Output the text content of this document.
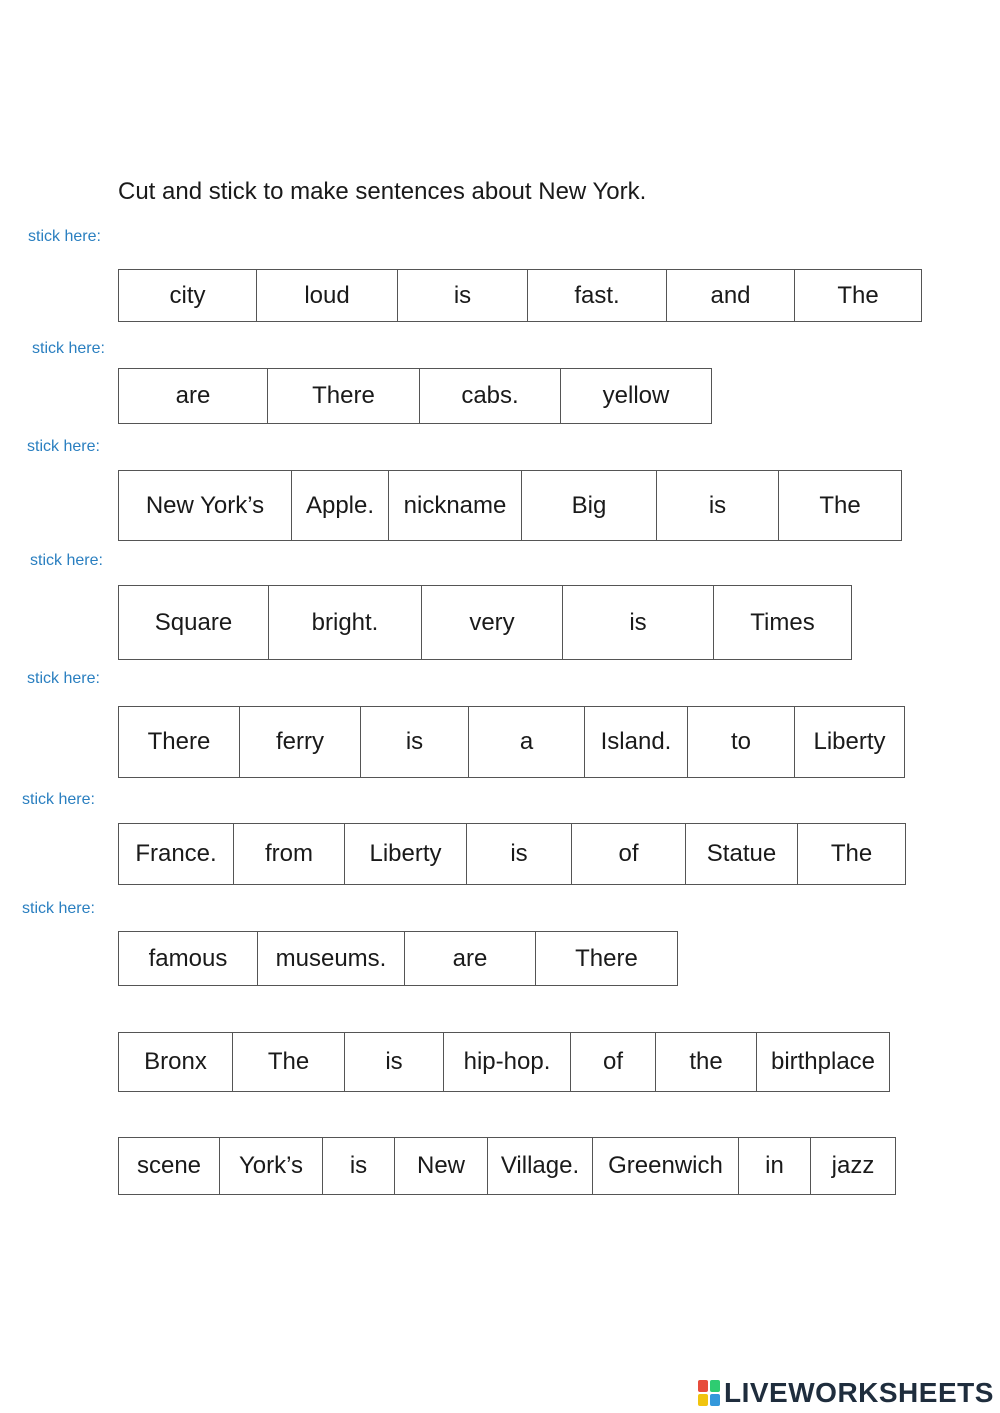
Cut and stick to make sentences about New York.
stick here:
stick here:
stick here:
stick here:
stick here:
stick here:
stick here:
city	loud	is	fast.	and	The
are	There	cabs.	yellow
New York’s	Apple.	nickname	Big	is	The
Square	bright.	very	is	Times
There	ferry	is	a	Island.	to	Liberty
France.	from	Liberty	is	of	Statue	The
famous	museums.	are	There
Bronx	The	is	hip-hop.	of	the	birthplace
scene	York’s	is	New	Village.	Greenwich	in	jazz
LIVEWORKSHEETS
